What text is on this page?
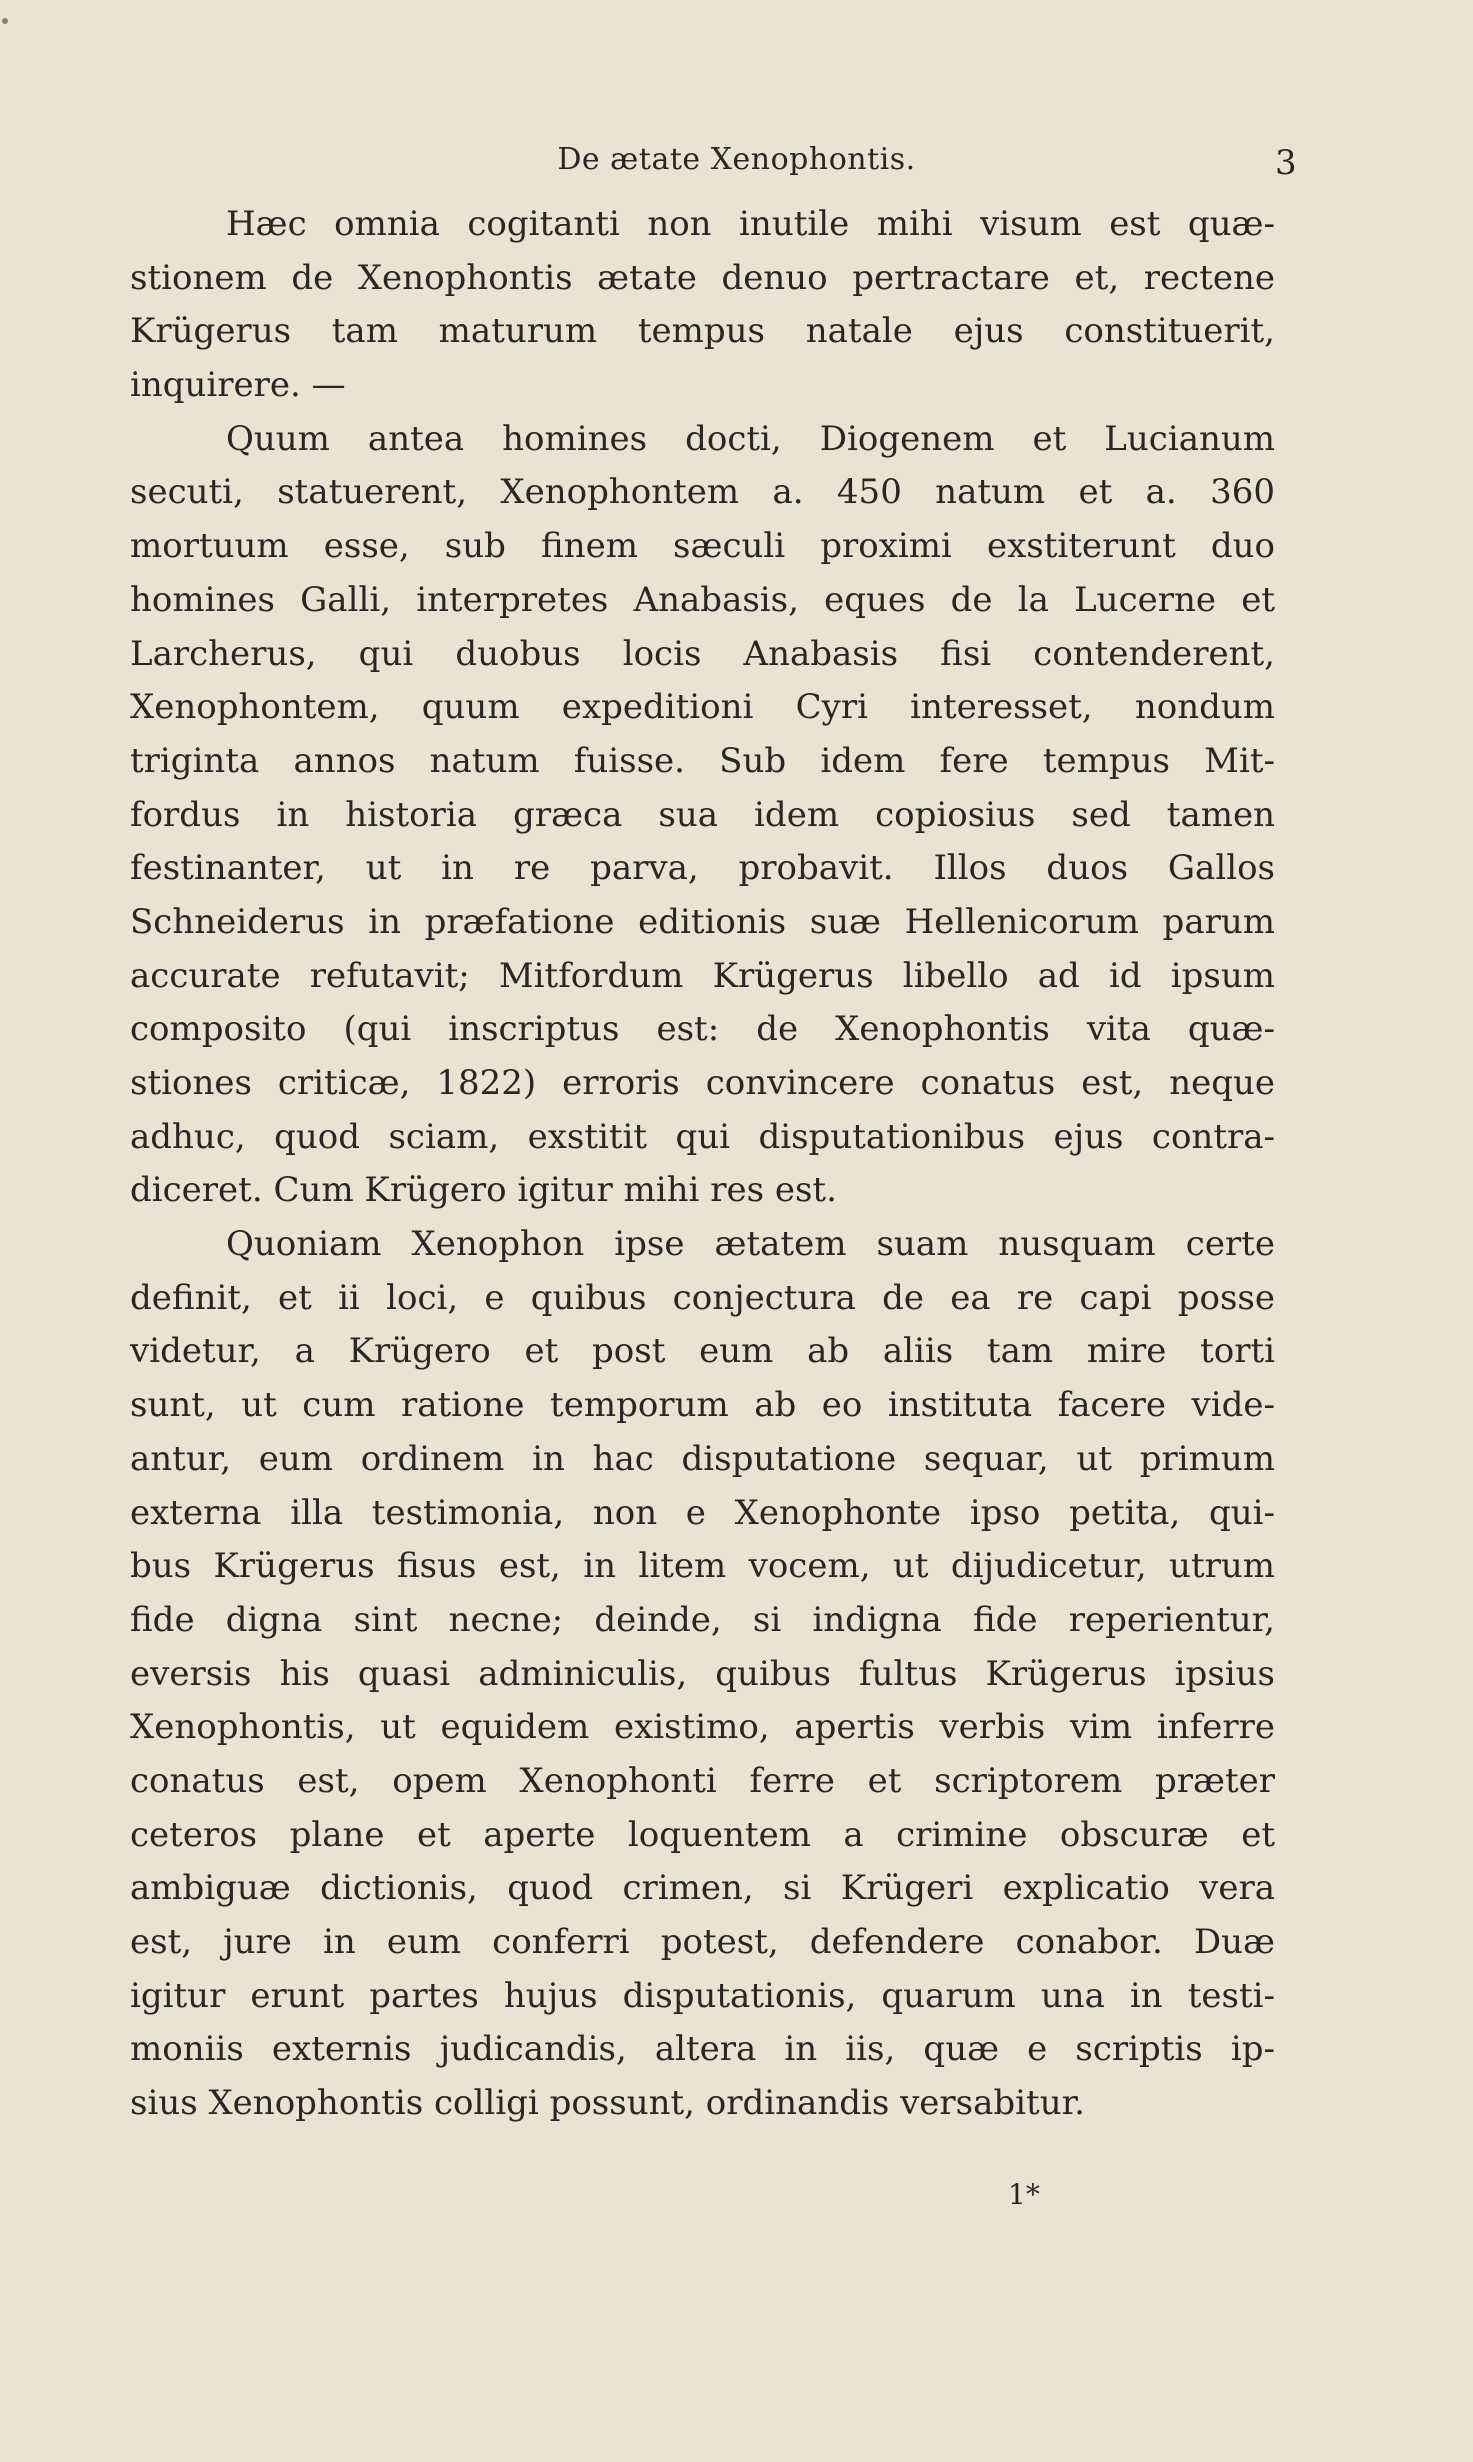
De ætate Xenophontis.	3
Hæc omnia cogitanti non inutile mihi visum est quæ-
stionem de Xenophontis ætate denuo pertractare et, rectene
Krügerus tam maturum tempus natale ejus constituerit,
inquirere. —
Quum antea homines docti, Diogenem et Lucianum
secuti, statuerent, Xenophontem a. 450 natum et a. 360
mortuum esse, sub finem sæculi proximi exstiterunt duo
homines Galli, interpretes Anabasis, eques de la Lucerne et
Larcherus, qui duobus locis Anabasis fisi contenderent,
Xenophontem, quum expeditioni Cyri interesset, nondum
triginta annos natum fuisse. Sub idem fere tempus Mit-
fordus in historia græca sua idem copiosius sed tamen
festinanter, ut in re parva, probavit. Illos duos Gallos
Schneiderus in præfatione editionis suæ Hellenicorum parum
accurate refutavit; Mitfordum Krügerus libello ad id ipsum
composito (qui inscriptus est: de Xenophontis vita quæ-
stiones criticæ, 1822) erroris convincere conatus est, neque
adhuc, quod sciam, exstitit qui disputationibus ejus contra-
diceret. Cum Krügero igitur mihi res est.
Quoniam Xenophon ipse ætatem suam nusquam certe
definit, et ii loci, e quibus conjectura de ea re capi posse
videtur, a Krügero et post eum ab aliis tam mire torti
sunt, ut cum ratione temporum ab eo instituta facere vide-
antur, eum ordinem in hac disputatione sequar, ut primum
externa illa testimonia, non e Xenophonte ipso petita, qui-
bus Krügerus fisus est, in litem vocem, ut dijudicetur, utrum
fide digna sint necne; deinde, si indigna fide reperientur,
eversis his quasi adminiculis, quibus fultus Krügerus ipsius
Xenophontis, ut equidem existimo, apertis verbis vim inferre
conatus est, opem Xenophonti ferre et scriptorem præter
ceteros plane et aperte loquentem a crimine obscuræ et
ambiguæ dictionis, quod crimen, si Krügeri explicatio vera
est, jure in eum conferri potest, defendere conabor. Duæ
igitur erunt partes hujus disputationis, quarum una in testi-
moniis externis judicandis, altera in iis, quæ e scriptis ip-
sius Xenophontis colligi possunt, ordinandis versabitur.
1*
